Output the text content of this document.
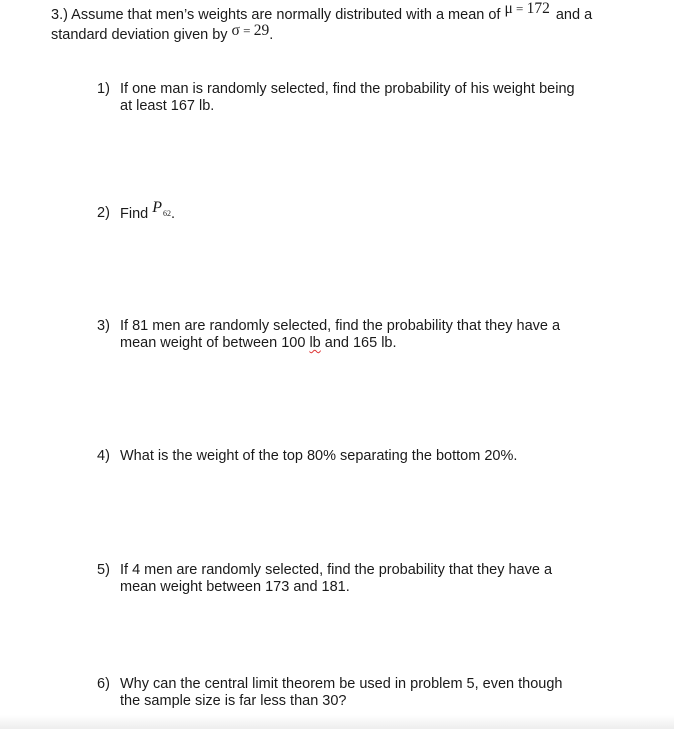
3.) Assume that men’s weights are normally distributed with a mean of μ = 172 and a
standard deviation given by σ = 29.
1) If one man is randomly selected, find the probability of his weight being at least 167 lb.
2) Find P62.
3) If 81 men are randomly selected, find the probability that they have a mean weight of between 100 lb and 165 lb.
4) What is the weight of the top 80% separating the bottom 20%.
5) If 4 men are randomly selected, find the probability that they have a mean weight between 173 and 181.
6) Why can the central limit theorem be used in problem 5, even though the sample size is far less than 30?
